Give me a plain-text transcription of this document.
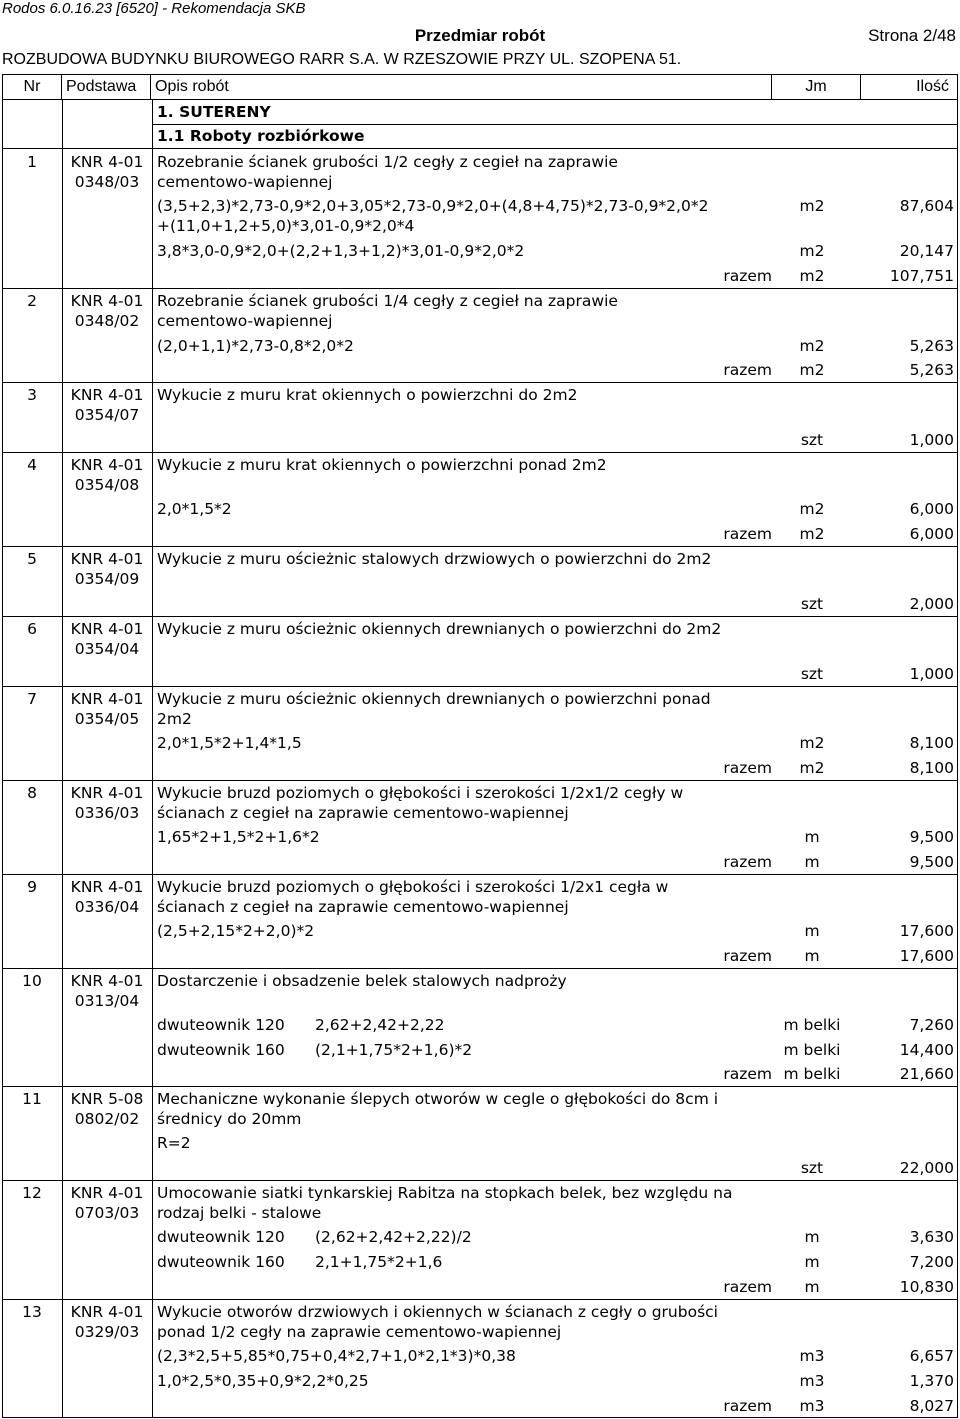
Rodos 6.0.16.23 [6520] - Rekomendacja SKB
Przedmiar robót	Strona 2/48
ROZBUDOWA BUDYNKU BIUROWEGO RARR S.A. W RZESZOWIE PRZY UL. SZOPENA 51.
Nr	Podstawa	Opis robót	Jm	Ilość
1. SUTERENY
1.1 Roboty rozbiórkowe
1	KNR 4-01
0348/03
Rozebranie ścianek grubości 1/2 cegły z cegieł na zaprawie
cementowo-wapiennej
(3,5+2,3)*2,73-0,9*2,0+3,05*2,73-0,9*2,0+(4,8+4,75)*2,73-0,9*2,0*2
+(11,0+1,2+5,0)*3,01-0,9*2,0*4
m2	87,604
3,8*3,0-0,9*2,0+(2,2+1,3+1,2)*3,01-0,9*2,0*2	m2	20,147
razem	m2	107,751
2	KNR 4-01
0348/02
Rozebranie ścianek grubości 1/4 cegły z cegieł na zaprawie
cementowo-wapiennej
(2,0+1,1)*2,73-0,8*2,0*2	m2	5,263
razem	m2	5,263
3	KNR 4-01
0354/07
Wykucie z muru krat okiennych o powierzchni do 2m2
szt	1,000
4	KNR 4-01
0354/08
Wykucie z muru krat okiennych o powierzchni ponad 2m2
2,0*1,5*2	m2	6,000
razem	m2	6,000
5	KNR 4-01
0354/09
Wykucie z muru ościeżnic stalowych drzwiowych o powierzchni do 2m2
szt	2,000
6	KNR 4-01
0354/04
Wykucie z muru ościeżnic okiennych drewnianych o powierzchni do 2m2
szt	1,000
7	KNR 4-01
0354/05
Wykucie z muru ościeżnic okiennych drewnianych o powierzchni ponad
2m2
2,0*1,5*2+1,4*1,5	m2	8,100
razem	m2	8,100
8	KNR 4-01
0336/03
Wykucie bruzd poziomych o głębokości i szerokości 1/2x1/2 cegły w
ścianach z cegieł na zaprawie cementowo-wapiennej
1,65*2+1,5*2+1,6*2	m	9,500
razem	m	9,500
9	KNR 4-01
0336/04
Wykucie bruzd poziomych o głębokości i szerokości 1/2x1 cegła w
ścianach z cegieł na zaprawie cementowo-wapiennej
(2,5+2,15*2+2,0)*2	m	17,600
razem	m	17,600
10	KNR 4-01
0313/04
Dostarczenie i obsadzenie belek stalowych nadproży
dwuteownik 120 2,62+2,42+2,22	m belki	7,260
dwuteownik 160 (2,1+1,75*2+1,6)*2	m belki	14,400
razem m belki	21,660
11	KNR 5-08
0802/02
Mechaniczne wykonanie ślepych otworów w cegle o głębokości do 8cm i
średnicy do 20mm
R=2
szt	22,000
12	KNR 4-01
0703/03
Umocowanie siatki tynkarskiej Rabitza na stopkach belek, bez względu na
rodzaj belki - stalowe
dwuteownik 120 (2,62+2,42+2,22)/2	m	3,630
dwuteownik 160 2,1+1,75*2+1,6	m	7,200
razem	m	10,830
13	KNR 4-01
0329/03
Wykucie otworów drzwiowych i okiennych w ścianach z cegły o grubości
ponad 1/2 cegły na zaprawie cementowo-wapiennej
(2,3*2,5+5,85*0,75+0,4*2,7+1,0*2,1*3)*0,38	m3	6,657
1,0*2,5*0,35+0,9*2,2*0,25	m3	1,370
razem	m3	8,027
